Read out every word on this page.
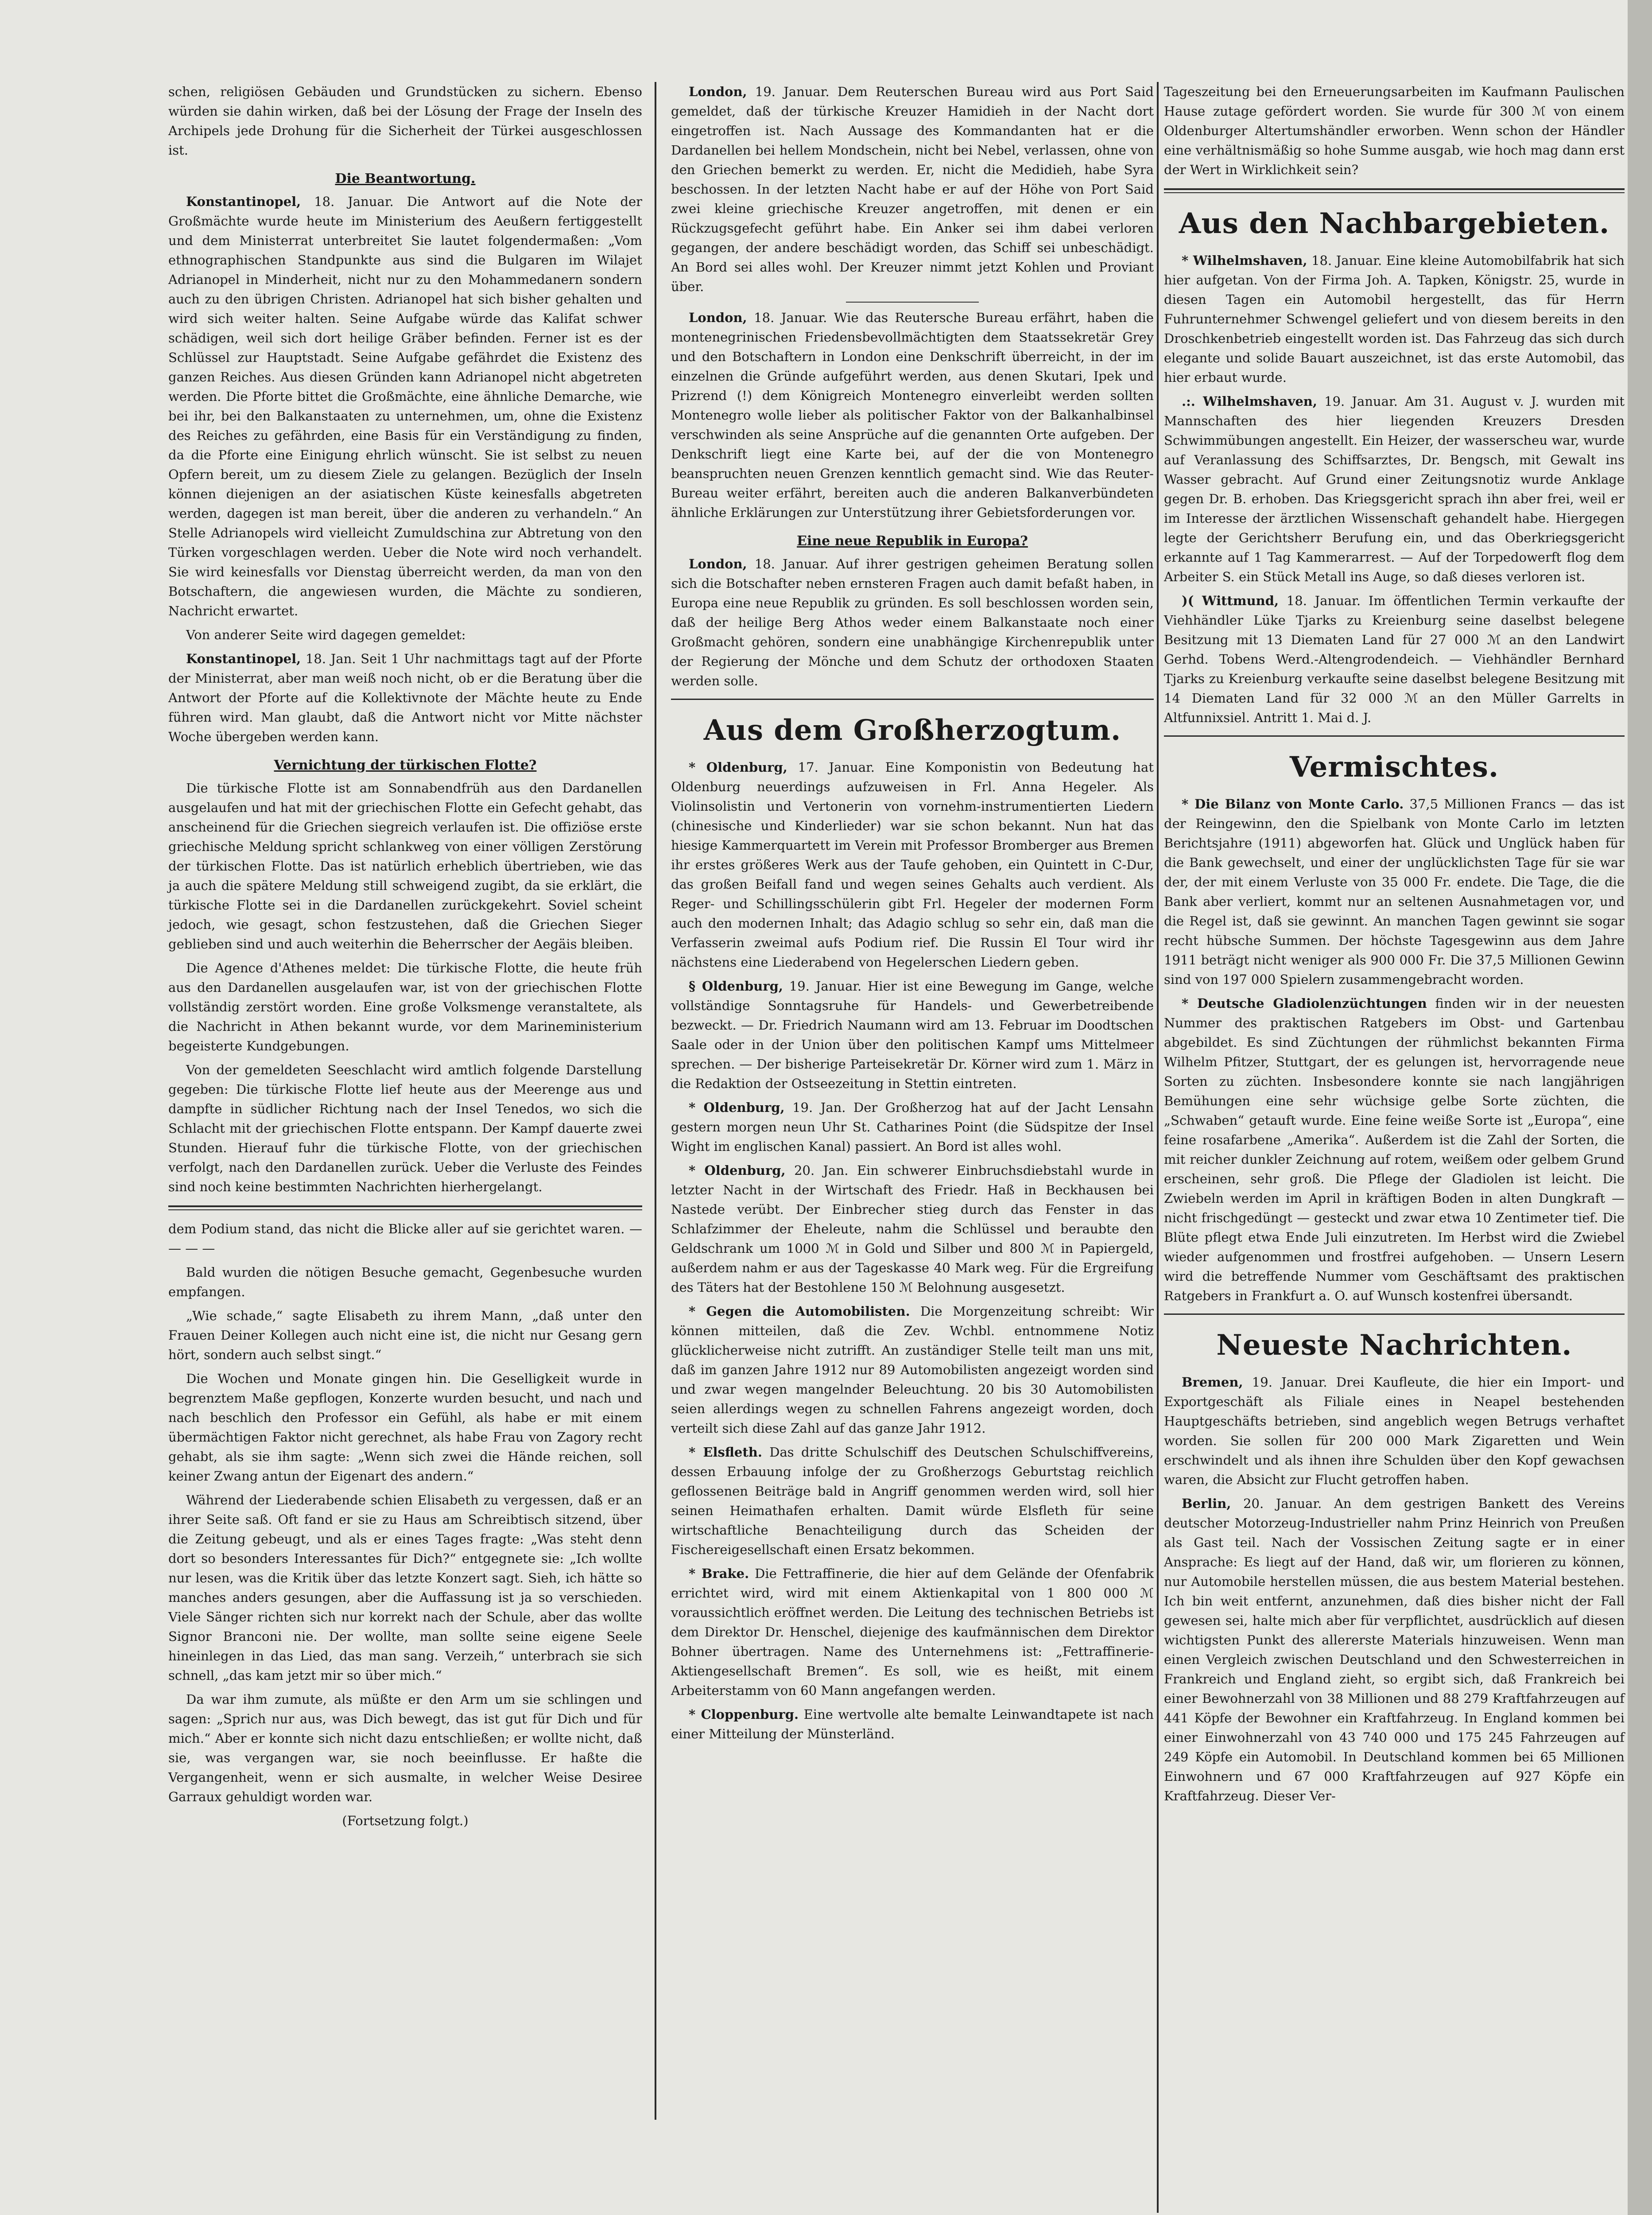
schen, religiösen Gebäuden und Grundstücken zu sichern. Ebenso würden sie dahin wirken, daß bei der Lösung der Frage der Inseln des Archipels jede Drohung für die Sicherheit der Türkei ausgeschlossen ist.

Die Beantwortung.

Konstantinopel, 18. Januar. Die Antwort auf die Note der Großmächte wurde heute im Ministerium des Aeußern fertiggestellt und dem Ministerrat unterbreitet Sie lautet folgendermaßen: „Vom ethnographischen Standpunkte aus sind die Bulgaren im Wilajet Adrianopel in Minderheit, nicht nur zu den Mohammedanern sondern auch zu den übrigen Christen. Adrianopel hat sich bisher gehalten und wird sich weiter halten. Seine Aufgabe würde das Kalifat schwer schädigen, weil sich dort heilige Gräber befinden. Ferner ist es der Schlüssel zur Hauptstadt. Seine Aufgabe gefährdet die Existenz des ganzen Reiches. Aus diesen Gründen kann Adrianopel nicht abgetreten werden. Die Pforte bittet die Großmächte, eine ähnliche Demarche, wie bei ihr, bei den Balkanstaaten zu unternehmen, um, ohne die Existenz des Reiches zu gefährden, eine Basis für ein Verständigung zu finden, da die Pforte eine Einigung ehrlich wünscht. Sie ist selbst zu neuen Opfern bereit, um zu diesem Ziele zu gelangen. Bezüglich der Inseln können diejenigen an der asiatischen Küste keinesfalls abgetreten werden, dagegen ist man bereit, über die anderen zu verhandeln.“ An Stelle Adrianopels wird vielleicht Zumuldschina zur Abtretung von den Türken vorgeschlagen werden. Ueber die Note wird noch verhandelt. Sie wird keinesfalls vor Dienstag überreicht werden, da man von den Botschaftern, die angewiesen wurden, die Mächte zu sondieren, Nachricht erwartet.

Von anderer Seite wird dagegen gemeldet:

Konstantinopel, 18. Jan. Seit 1 Uhr nachmittags tagt auf der Pforte der Ministerrat, aber man weiß noch nicht, ob er die Beratung über die Antwort der Pforte auf die Kollektivnote der Mächte heute zu Ende führen wird. Man glaubt, daß die Antwort nicht vor Mitte nächster Woche übergeben werden kann.

Vernichtung der türkischen Flotte?

Die türkische Flotte ist am Sonnabendfrüh aus den Dardanellen ausgelaufen und hat mit der griechischen Flotte ein Gefecht gehabt, das anscheinend für die Griechen siegreich verlaufen ist. Die offiziöse erste griechische Meldung spricht schlankweg von einer völligen Zerstörung der türkischen Flotte. Das ist natürlich erheblich übertrieben, wie das ja auch die spätere Meldung still schweigend zugibt, da sie erklärt, die türkische Flotte sei in die Dardanellen zurückgekehrt. Soviel scheint jedoch, wie gesagt, schon festzustehen, daß die Griechen Sieger geblieben sind und auch weiterhin die Beherrscher der Aegäis bleiben.

Die Agence d'Athenes meldet: Die türkische Flotte, die heute früh aus den Dardanellen ausgelaufen war, ist von der griechischen Flotte vollständig zerstört worden. Eine große Volksmenge veranstaltete, als die Nachricht in Athen bekannt wurde, vor dem Marineministerium begeisterte Kundgebungen.

Von der gemeldeten Seeschlacht wird amtlich folgende Darstellung gegeben: Die türkische Flotte lief heute aus der Meerenge aus und dampfte in südlicher Richtung nach der Insel Tenedos, wo sich die Schlacht mit der griechischen Flotte entspann. Der Kampf dauerte zwei Stunden. Hierauf fuhr die türkische Flotte, von der griechischen verfolgt, nach den Dardanellen zurück. Ueber die Verluste des Feindes sind noch keine bestimmten Nachrichten hierhergelangt.

dem Podium stand, das nicht die Blicke aller auf sie gerichtet waren. — — — —

Bald wurden die nötigen Besuche gemacht, Gegenbesuche wurden empfangen.

„Wie schade,“ sagte Elisabeth zu ihrem Mann, „daß unter den Frauen Deiner Kollegen auch nicht eine ist, die nicht nur Gesang gern hört, sondern auch selbst singt.“

Die Wochen und Monate gingen hin. Die Geselligkeit wurde in begrenztem Maße gepflogen, Konzerte wurden besucht, und nach und nach beschlich den Professor ein Gefühl, als habe er mit einem übermächtigen Faktor nicht gerechnet, als habe Frau von Zagory recht gehabt, als sie ihm sagte: „Wenn sich zwei die Hände reichen, soll keiner Zwang antun der Eigenart des andern.“

Während der Liederabende schien Elisabeth zu vergessen, daß er an ihrer Seite saß. Oft fand er sie zu Haus am Schreibtisch sitzend, über die Zeitung gebeugt, und als er eines Tages fragte: „Was steht denn dort so besonders Interessantes für Dich?“ entgegnete sie: „Ich wollte nur lesen, was die Kritik über das letzte Konzert sagt. Sieh, ich hätte so manches anders gesungen, aber die Auffassung ist ja so verschieden. Viele Sänger richten sich nur korrekt nach der Schule, aber das wollte Signor Branconi nie. Der wollte, man sollte seine eigene Seele hineinlegen in das Lied, das man sang. Verzeih,“ unterbrach sie sich schnell, „das kam jetzt mir so über mich.“

Da war ihm zumute, als müßte er den Arm um sie schlingen und sagen: „Sprich nur aus, was Dich bewegt, das ist gut für Dich und für mich.“ Aber er konnte sich nicht dazu entschließen; er wollte nicht, daß sie, was vergangen war, sie noch beeinflusse. Er haßte die Vergangenheit, wenn er sich ausmalte, in welcher Weise Desiree Garraux gehuldigt worden war.

(Fortsetzung folgt.)

London, 19. Januar. Dem Reuterschen Bureau wird aus Port Said gemeldet, daß der türkische Kreuzer Hamidieh in der Nacht dort eingetroffen ist. Nach Aussage des Kommandanten hat er die Dardanellen bei hellem Mondschein, nicht bei Nebel, verlassen, ohne von den Griechen bemerkt zu werden. Er, nicht die Medidieh, habe Syra beschossen. In der letzten Nacht habe er auf der Höhe von Port Said zwei kleine griechische Kreuzer angetroffen, mit denen er ein Rückzugsgefecht geführt habe. Ein Anker sei ihm dabei verloren gegangen, der andere beschädigt worden, das Schiff sei unbeschädigt. An Bord sei alles wohl. Der Kreuzer nimmt jetzt Kohlen und Proviant über.

London, 18. Januar. Wie das Reutersche Bureau erfährt, haben die montenegrinischen Friedensbevollmächtigten dem Staatssekretär Grey und den Botschaftern in London eine Denkschrift überreicht, in der im einzelnen die Gründe aufgeführt werden, aus denen Skutari, Ipek und Prizrend (!) dem Königreich Montenegro einverleibt werden sollten Montenegro wolle lieber als politischer Faktor von der Balkanhalbinsel verschwinden als seine Ansprüche auf die genannten Orte aufgeben. Der Denkschrift liegt eine Karte bei, auf der die von Montenegro beanspruchten neuen Grenzen kenntlich gemacht sind. Wie das Reuter-Bureau weiter erfährt, bereiten auch die anderen Balkanverbündeten ähnliche Erklärungen zur Unterstützung ihrer Gebietsforderungen vor.

Eine neue Republik in Europa?

London, 18. Januar. Auf ihrer gestrigen geheimen Beratung sollen sich die Botschafter neben ernsteren Fragen auch damit befaßt haben, in Europa eine neue Republik zu gründen. Es soll beschlossen worden sein, daß der heilige Berg Athos weder einem Balkanstaate noch einer Großmacht gehören, sondern eine unabhängige Kirchenrepublik unter der Regierung der Mönche und dem Schutz der orthodoxen Staaten werden solle.

Aus dem Großherzogtum.

* Oldenburg, 17. Januar. Eine Komponistin von Bedeutung hat Oldenburg neuerdings aufzuweisen in Frl. Anna Hegeler. Als Violinsolistin und Vertonerin von vornehm-instrumentierten Liedern (chinesische und Kinderlieder) war sie schon bekannt. Nun hat das hiesige Kammerquartett im Verein mit Professor Bromberger aus Bremen ihr erstes größeres Werk aus der Taufe gehoben, ein Quintett in C-Dur, das großen Beifall fand und wegen seines Gehalts auch verdient. Als Reger- und Schillingsschülerin gibt Frl. Hegeler der modernen Form auch den modernen Inhalt; das Adagio schlug so sehr ein, daß man die Verfasserin zweimal aufs Podium rief. Die Russin El Tour wird ihr nächstens eine Liederabend von Hegelerschen Liedern geben.

§ Oldenburg, 19. Januar. Hier ist eine Bewegung im Gange, welche vollständige Sonntagsruhe für Handels- und Gewerbetreibende bezweckt. — Dr. Friedrich Naumann wird am 13. Februar im Doodtschen Saale oder in der Union über den politischen Kampf ums Mittelmeer sprechen. — Der bisherige Parteisekretär Dr. Körner wird zum 1. März in die Redaktion der Ostseezeitung in Stettin eintreten.

* Oldenburg, 19. Jan. Der Großherzog hat auf der Jacht Lensahn gestern morgen neun Uhr St. Catharines Point (die Südspitze der Insel Wight im englischen Kanal) passiert. An Bord ist alles wohl.

* Oldenburg, 20. Jan. Ein schwerer Einbruchsdiebstahl wurde in letzter Nacht in der Wirtschaft des Friedr. Haß in Beckhausen bei Nastede verübt. Der Einbrecher stieg durch das Fenster in das Schlafzimmer der Eheleute, nahm die Schlüssel und beraubte den Geldschrank um 1000 ℳ in Gold und Silber und 800 ℳ in Papiergeld, außerdem nahm er aus der Tageskasse 40 Mark weg. Für die Ergreifung des Täters hat der Bestohlene 150 ℳ Belohnung ausgesetzt.

* Gegen die Automobilisten. Die Morgenzeitung schreibt: Wir können mitteilen, daß die Zev. Wchbl. entnommene Notiz glücklicherweise nicht zutrifft. An zuständiger Stelle teilt man uns mit, daß im ganzen Jahre 1912 nur 89 Automobilisten angezeigt worden sind und zwar wegen mangelnder Beleuchtung. 20 bis 30 Automobilisten seien allerdings wegen zu schnellen Fahrens angezeigt worden, doch verteilt sich diese Zahl auf das ganze Jahr 1912.

* Elsfleth. Das dritte Schulschiff des Deutschen Schulschiffvereins, dessen Erbauung infolge der zu Großherzogs Geburtstag reichlich geflossenen Beiträge bald in Angriff genommen werden wird, soll hier seinen Heimathafen erhalten. Damit würde Elsfleth für seine wirtschaftliche Benachteiligung durch das Scheiden der Fischereigesellschaft einen Ersatz bekommen.

* Brake. Die Fettraffinerie, die hier auf dem Gelände der Ofenfabrik errichtet wird, wird mit einem Aktienkapital von 1 800 000 ℳ voraussichtlich eröffnet werden. Die Leitung des technischen Betriebs ist dem Direktor Dr. Henschel, diejenige des kaufmännischen dem Direktor Bohner übertragen. Name des Unternehmens ist: „Fettraffinerie-Aktiengesellschaft Bremen“. Es soll, wie es heißt, mit einem Arbeiterstamm von 60 Mann angefangen werden.

* Cloppenburg. Eine wertvolle alte bemalte Leinwandtapete ist nach einer Mitteilung der Münsterländ.

Tageszeitung bei den Erneuerungsarbeiten im Kaufmann Paulischen Hause zutage gefördert worden. Sie wurde für 300 ℳ von einem Oldenburger Altertumshändler erworben. Wenn schon der Händler eine verhältnismäßig so hohe Summe ausgab, wie hoch mag dann erst der Wert in Wirklichkeit sein?

Aus den Nachbargebieten.

* Wilhelmshaven, 18. Januar. Eine kleine Automobilfabrik hat sich hier aufgetan. Von der Firma Joh. A. Tapken, Königstr. 25, wurde in diesen Tagen ein Automobil hergestellt, das für Herrn Fuhrunternehmer Schwengel geliefert und von diesem bereits in den Droschkenbetrieb eingestellt worden ist. Das Fahrzeug das sich durch elegante und solide Bauart auszeichnet, ist das erste Automobil, das hier erbaut wurde.

.:. Wilhelmshaven, 19. Januar. Am 31. August v. J. wurden mit Mannschaften des hier liegenden Kreuzers Dresden Schwimmübungen angestellt. Ein Heizer, der wasserscheu war, wurde auf Veranlassung des Schiffsarztes, Dr. Bengsch, mit Gewalt ins Wasser gebracht. Auf Grund einer Zeitungsnotiz wurde Anklage gegen Dr. B. erhoben. Das Kriegsgericht sprach ihn aber frei, weil er im Interesse der ärztlichen Wissenschaft gehandelt habe. Hiergegen legte der Gerichtsherr Berufung ein, und das Oberkriegsgericht erkannte auf 1 Tag Kammerarrest. — Auf der Torpedowerft flog dem Arbeiter S. ein Stück Metall ins Auge, so daß dieses verloren ist.

)( Wittmund, 18. Januar. Im öffentlichen Termin verkaufte der Viehhändler Lüke Tjarks zu Kreienburg seine daselbst belegene Besitzung mit 13 Diematen Land für 27 000 ℳ an den Landwirt Gerhd. Tobens Werd.-Altengrodendeich. — Viehhändler Bernhard Tjarks zu Kreienburg verkaufte seine daselbst belegene Besitzung mit 14 Diematen Land für 32 000 ℳ an den Müller Garrelts in Altfunnixsiel. Antritt 1. Mai d. J.

Vermischtes.

* Die Bilanz von Monte Carlo. 37,5 Millionen Francs — das ist der Reingewinn, den die Spielbank von Monte Carlo im letzten Berichtsjahre (1911) abgeworfen hat. Glück und Unglück haben für die Bank gewechselt, und einer der unglücklichsten Tage für sie war der, der mit einem Verluste von 35 000 Fr. endete. Die Tage, die die Bank aber verliert, kommt nur an seltenen Ausnahmetagen vor, und die Regel ist, daß sie gewinnt. An manchen Tagen gewinnt sie sogar recht hübsche Summen. Der höchste Tagesgewinn aus dem Jahre 1911 beträgt nicht weniger als 900 000 Fr. Die 37,5 Millionen Gewinn sind von 197 000 Spielern zusammengebracht worden.

* Deutsche Gladiolenzüchtungen finden wir in der neuesten Nummer des praktischen Ratgebers im Obst- und Gartenbau abgebildet. Es sind Züchtungen der rühmlichst bekannten Firma Wilhelm Pfitzer, Stuttgart, der es gelungen ist, hervorragende neue Sorten zu züchten. Insbesondere konnte sie nach langjährigen Bemühungen eine sehr wüchsige gelbe Sorte züchten, die „Schwaben“ getauft wurde. Eine feine weiße Sorte ist „Europa“, eine feine rosafarbene „Amerika“. Außerdem ist die Zahl der Sorten, die mit reicher dunkler Zeichnung auf rotem, weißem oder gelbem Grund erscheinen, sehr groß. Die Pflege der Gladiolen ist leicht. Die Zwiebeln werden im April in kräftigen Boden in alten Dungkraft — nicht frischgedüngt — gesteckt und zwar etwa 10 Zentimeter tief. Die Blüte pflegt etwa Ende Juli einzutreten. Im Herbst wird die Zwiebel wieder aufgenommen und frostfrei aufgehoben. — Unsern Lesern wird die betreffende Nummer vom Geschäftsamt des praktischen Ratgebers in Frankfurt a. O. auf Wunsch kostenfrei übersandt.

Neueste Nachrichten.

Bremen, 19. Januar. Drei Kaufleute, die hier ein Import- und Exportgeschäft als Filiale eines in Neapel bestehenden Hauptgeschäfts betrieben, sind angeblich wegen Betrugs verhaftet worden. Sie sollen für 200 000 Mark Zigaretten und Wein erschwindelt und als ihnen ihre Schulden über den Kopf gewachsen waren, die Absicht zur Flucht getroffen haben.

Berlin, 20. Januar. An dem gestrigen Bankett des Vereins deutscher Motorzeug-Industrieller nahm Prinz Heinrich von Preußen als Gast teil. Nach der Vossischen Zeitung sagte er in einer Ansprache: Es liegt auf der Hand, daß wir, um florieren zu können, nur Automobile herstellen müssen, die aus bestem Material bestehen. Ich bin weit entfernt, anzunehmen, daß dies bisher nicht der Fall gewesen sei, halte mich aber für verpflichtet, ausdrücklich auf diesen wichtigsten Punkt des allererste Materials hinzuweisen. Wenn man einen Vergleich zwischen Deutschland und den Schwesterreichen in Frankreich und England zieht, so ergibt sich, daß Frankreich bei einer Bewohnerzahl von 38 Millionen und 88 279 Kraftfahrzeugen auf 441 Köpfe der Bewohner ein Kraftfahrzeug. In England kommen bei einer Einwohnerzahl von 43 740 000 und 175 245 Fahrzeugen auf 249 Köpfe ein Automobil. In Deutschland kommen bei 65 Millionen Einwohnern und 67 000 Kraftfahrzeugen auf 927 Köpfe ein Kraftfahrzeug. Dieser Ver-
